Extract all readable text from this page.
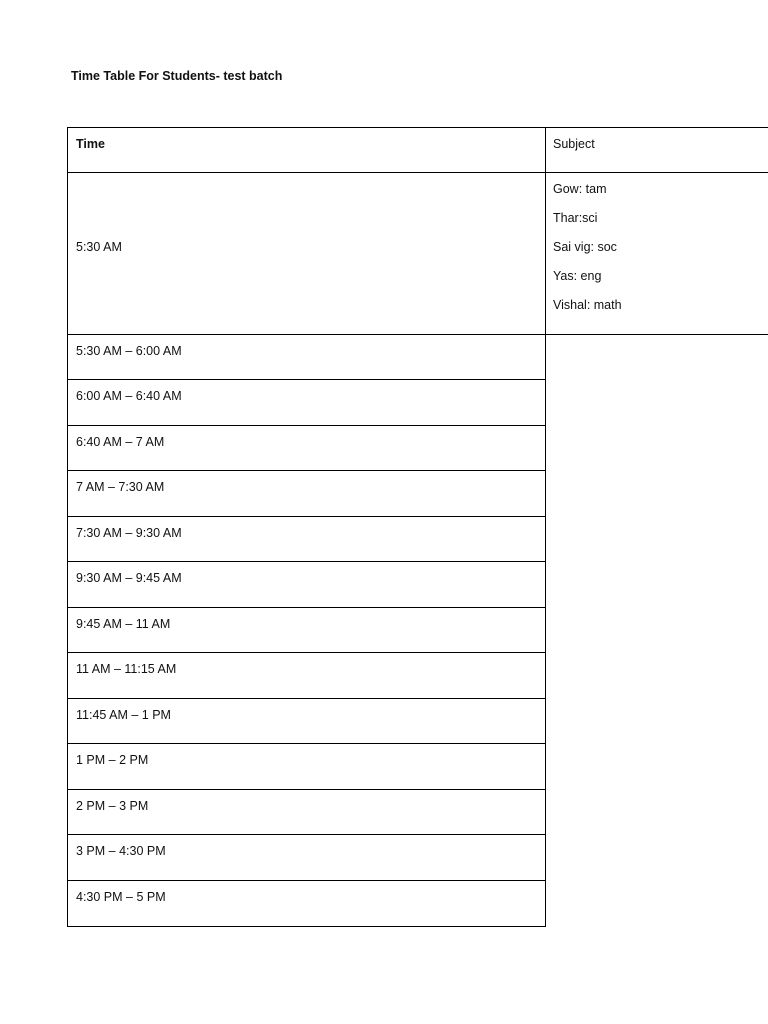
Time Table For Students- test batch
Time	Subject
5:30 AM
Gow: tam
Thar:sci
Sai vig: soc
Yas: eng
Vishal: math
5:30 AM – 6:00 AM
6:00 AM – 6:40 AM
6:40 AM – 7 AM
7 AM – 7:30 AM
7:30 AM – 9:30 AM
9:30 AM – 9:45 AM
9:45 AM – 11 AM
11 AM – 11:15 AM
11:45 AM – 1 PM
1 PM – 2 PM
2 PM – 3 PM
3 PM – 4:30 PM
4:30 PM – 5 PM
